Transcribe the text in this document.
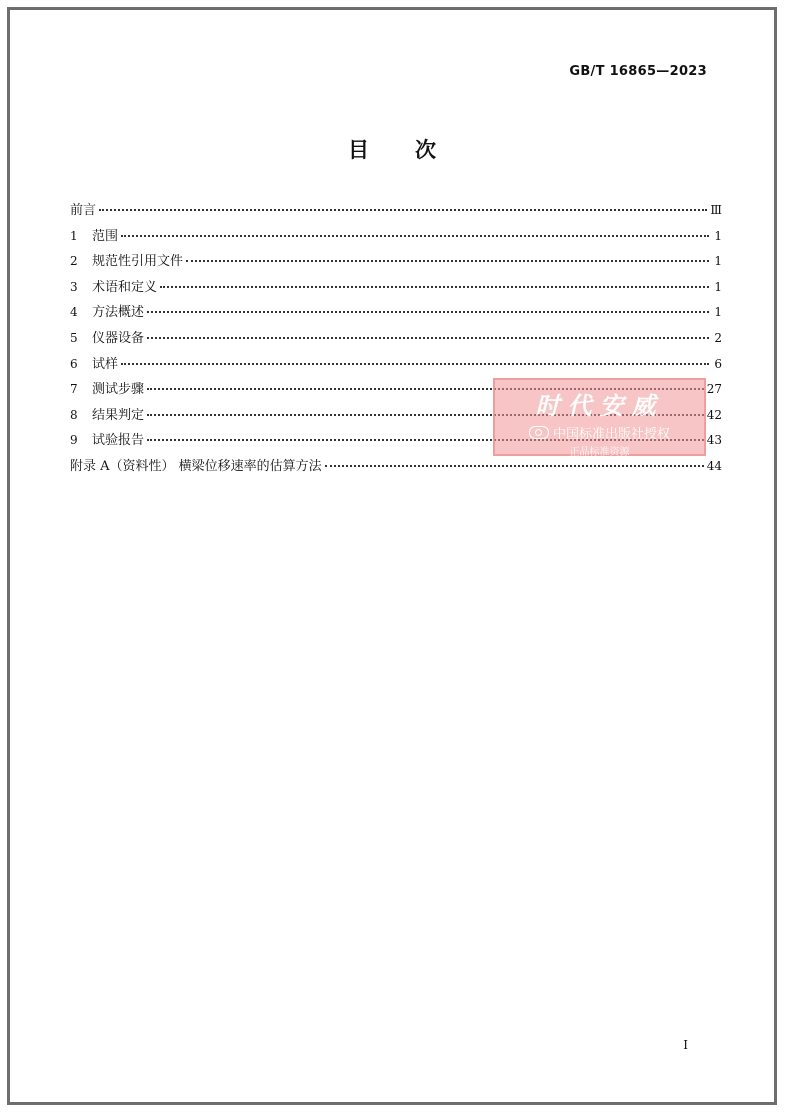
GB/T 16865—2023
目 次
前言	Ⅲ
1	范围	1
2	规范性引用文件	1
3	术语和定义	1
4	方法概述	1
5	仪器设备	2
6	试样	6
7	测试步骤	27
8	结果判定	42
9	试验报告	43
附录 A（资料性） 横梁位移速率的估算方法	44
时代安威
中国标准出版社授权
正品标准资源
I
